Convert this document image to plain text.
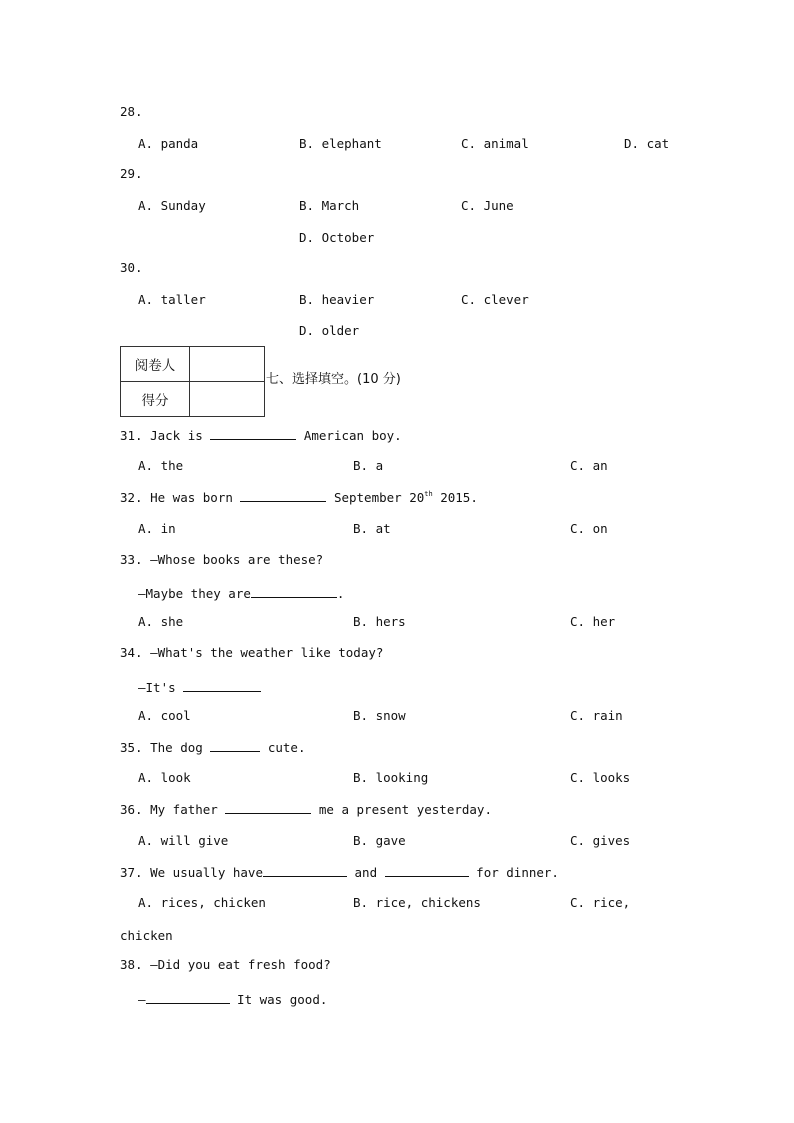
28.
A. panda	B. elephant	C. animal	D. cat
29.
A. Sunday	B. March	C. June
D. October
30.
A. taller	B. heavier	C. clever
D. older
阅卷人	
得分	
七、选择填空。(10 分)
31. Jack is	American boy.
A. the	B. a	C. an
32. He was born	September 20th 2015.
A. in	B. at	C. on
33. —Whose books are these?
—Maybe they are	.
A. she	B. hers	C. her
34. —What's the weather like today?
—It's
A. cool	B. snow	C. rain
35. The dog	cute.
A. look	B. looking	C. looks
36. My father	me a present yesterday.
A. will give	B. gave	C. gives
37. We usually have	and	for dinner.
A. rices, chicken	B. rice, chickens	C. rice,
chicken
38. —Did you eat fresh food?
—	It was good.
